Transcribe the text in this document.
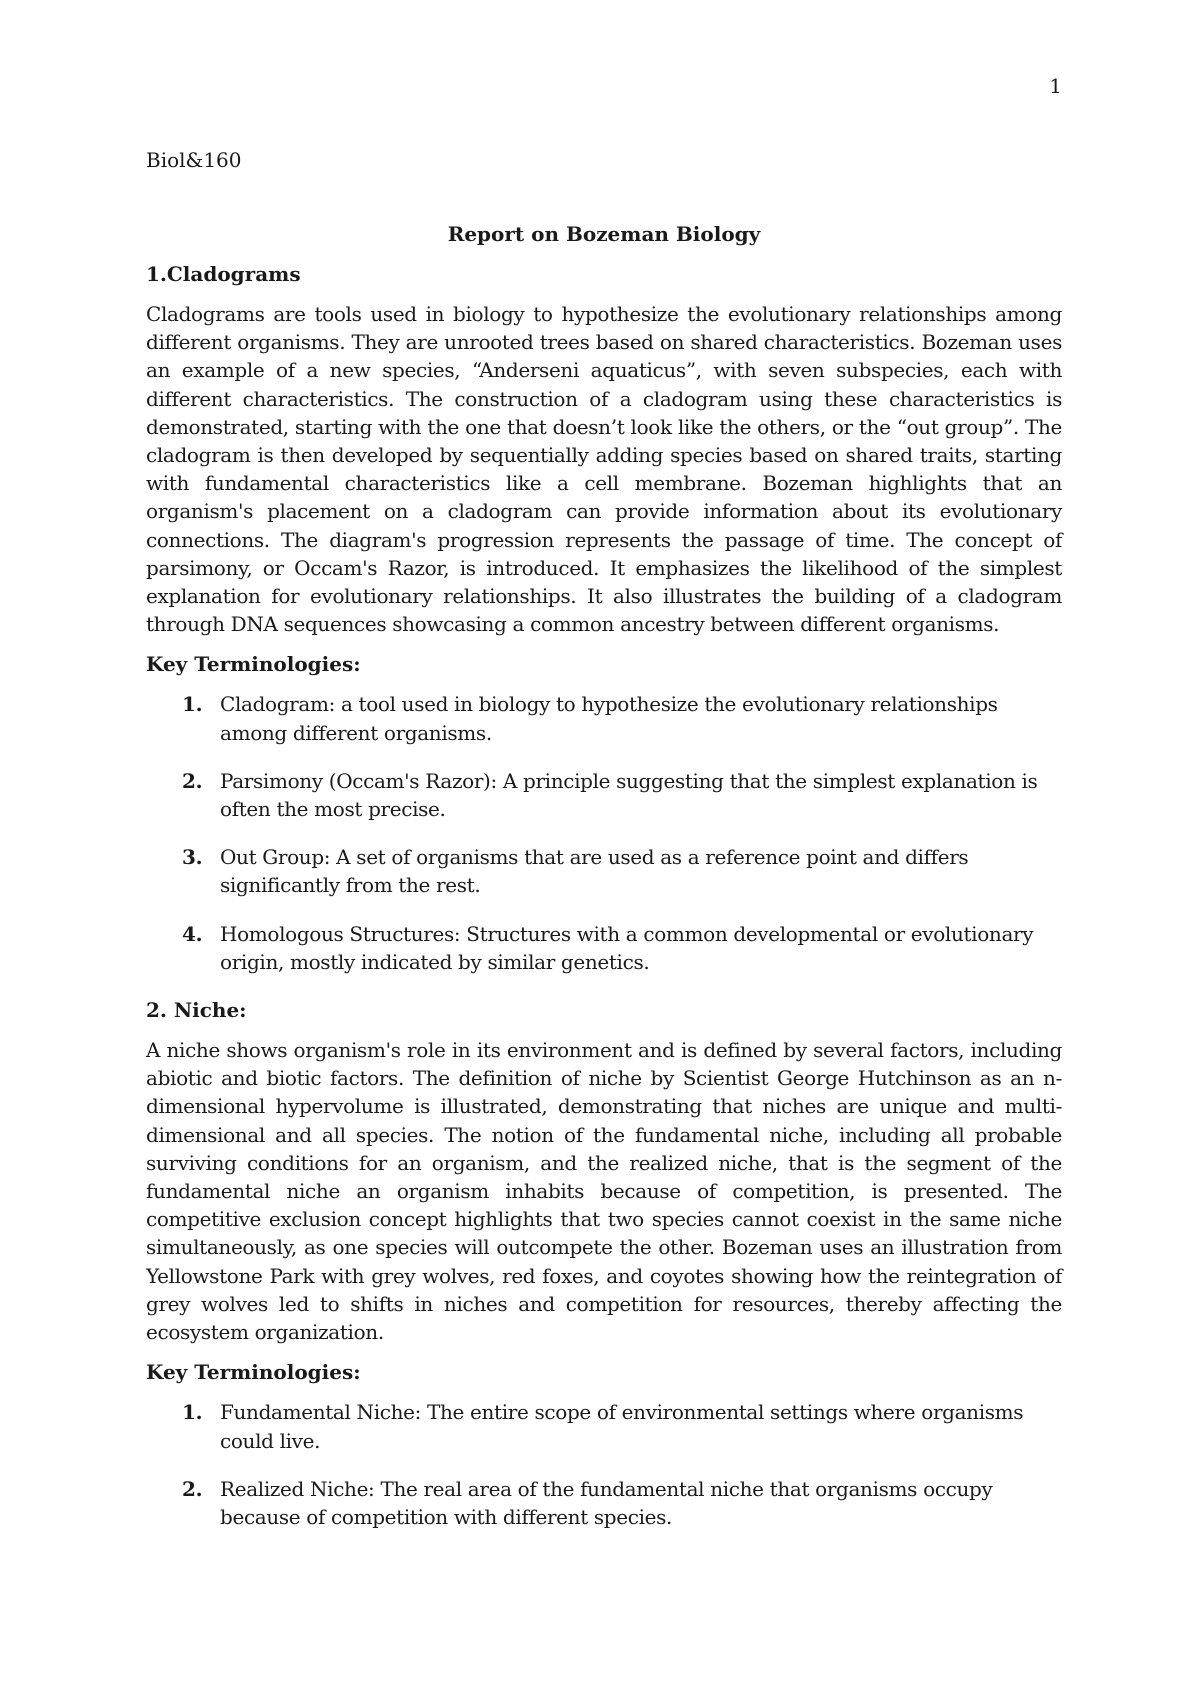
1
Biol&160
Report on Bozeman Biology
1.Cladograms

Cladograms are tools used in biology to hypothesize the evolutionary relationships among different organisms. They are unrooted trees based on shared characteristics. Bozeman uses an example of a new species, “Anderseni aquaticus”, with seven subspecies, each with different characteristics. The construction of a cladogram using these characteristics is demonstrated, starting with the one that doesn’t look like the others, or the “out group”. The cladogram is then developed by sequentially adding species based on shared traits, starting with fundamental characteristics like a cell membrane. Bozeman highlights that an organism's placement on a cladogram can provide information about its evolutionary connections. The diagram's progression represents the passage of time. The concept of parsimony, or Occam's Razor, is introduced. It emphasizes the likelihood of the simplest explanation for evolutionary relationships. It also illustrates the building of a cladogram through DNA sequences showcasing a common ancestry between different organisms.

Key Terminologies:
1. Cladogram: a tool used in biology to hypothesize the evolutionary relationships among different organisms.
2. Parsimony (Occam's Razor): A principle suggesting that the simplest explanation is often the most precise.
3. Out Group: A set of organisms that are used as a reference point and differs significantly from the rest.
4. Homologous Structures: Structures with a common developmental or evolutionary origin, mostly indicated by similar genetics.
2. Niche:

A niche shows organism's role in its environment and is defined by several factors, including abiotic and biotic factors. The definition of niche by Scientist George Hutchinson as an n-dimensional hypervolume is illustrated, demonstrating that niches are unique and multi-dimensional and all species. The notion of the fundamental niche, including all probable surviving conditions for an organism, and the realized niche, that is the segment of the fundamental niche an organism inhabits because of competition, is presented. The competitive exclusion concept highlights that two species cannot coexist in the same niche simultaneously, as one species will outcompete the other. Bozeman uses an illustration from Yellowstone Park with grey wolves, red foxes, and coyotes showing how the reintegration of grey wolves led to shifts in niches and competition for resources, thereby affecting the ecosystem organization.

Key Terminologies:
1. Fundamental Niche: The entire scope of environmental settings where organisms could live.
2. Realized Niche: The real area of the fundamental niche that organisms occupy because of competition with different species.
